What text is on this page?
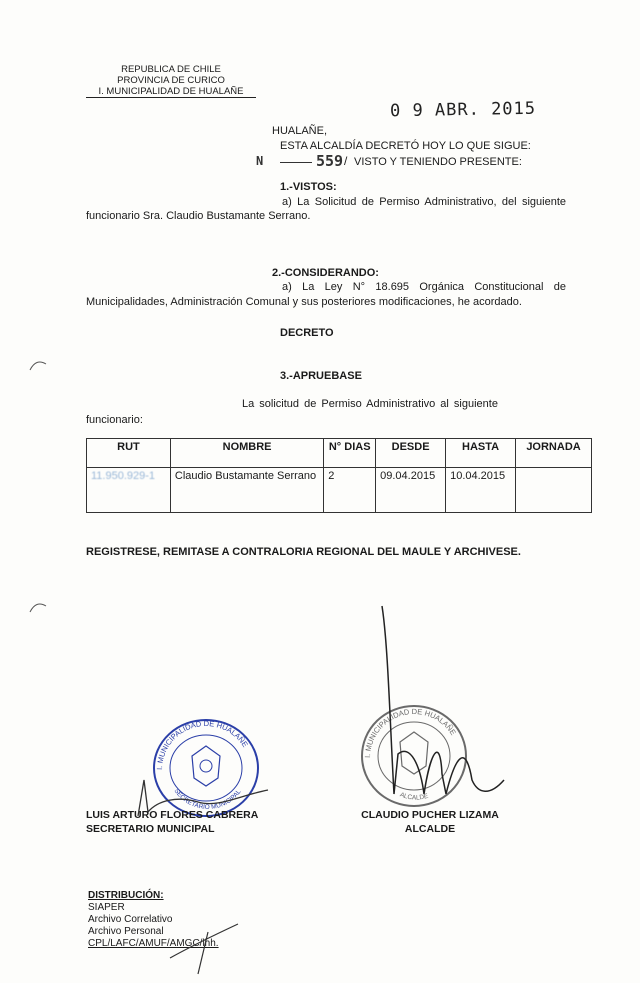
REPUBLICA DE CHILE
PROVINCIA DE CURICO
I. MUNICIPALIDAD DE HUALAÑE
0 9 ABR. 2015
HUALAÑE,
ESTA ALCALDÍA DECRETÓ HOY LO QUE SIGUE:
N	559 / VISTO Y TENIENDO PRESENTE:
1.-VISTOS:
a) La Solicitud de Permiso Administrativo, del siguiente funcionario Sra. Claudio Bustamante Serrano.
2.-CONSIDERANDO:
a) La Ley N° 18.695 Orgánica Constitucional de Municipalidades, Administración Comunal y sus posteriores modificaciones, he acordado.
DECRETO
3.-APRUEBASE
La solicitud de Permiso Administrativo al siguiente
funcionario:
RUT	NOMBRE	N° DIAS	DESDE	HASTA	JORNADA
11.950.929-1	Claudio Bustamante Serrano	2	09.04.2015	10.04.2015	
REGISTRESE, REMITASE A CONTRALORIA REGIONAL DEL MAULE Y ARCHIVESE.
I. MUNICIPALIDAD DE HUALAÑE
SECRETARIO MUNICIPAL
I. MUNICIPALIDAD DE HUALAÑE
ALCALDE
LUIS ARTURO FLORES CABRERA
SECRETARIO MUNICIPAL
CLAUDIO PUCHER LIZAMA
ALCALDE
DISTRIBUCIÓN:
SIAPER
Archivo Correlativo
Archivo Personal
CPL/LAFC/AMUF/AMGC/lhh.
